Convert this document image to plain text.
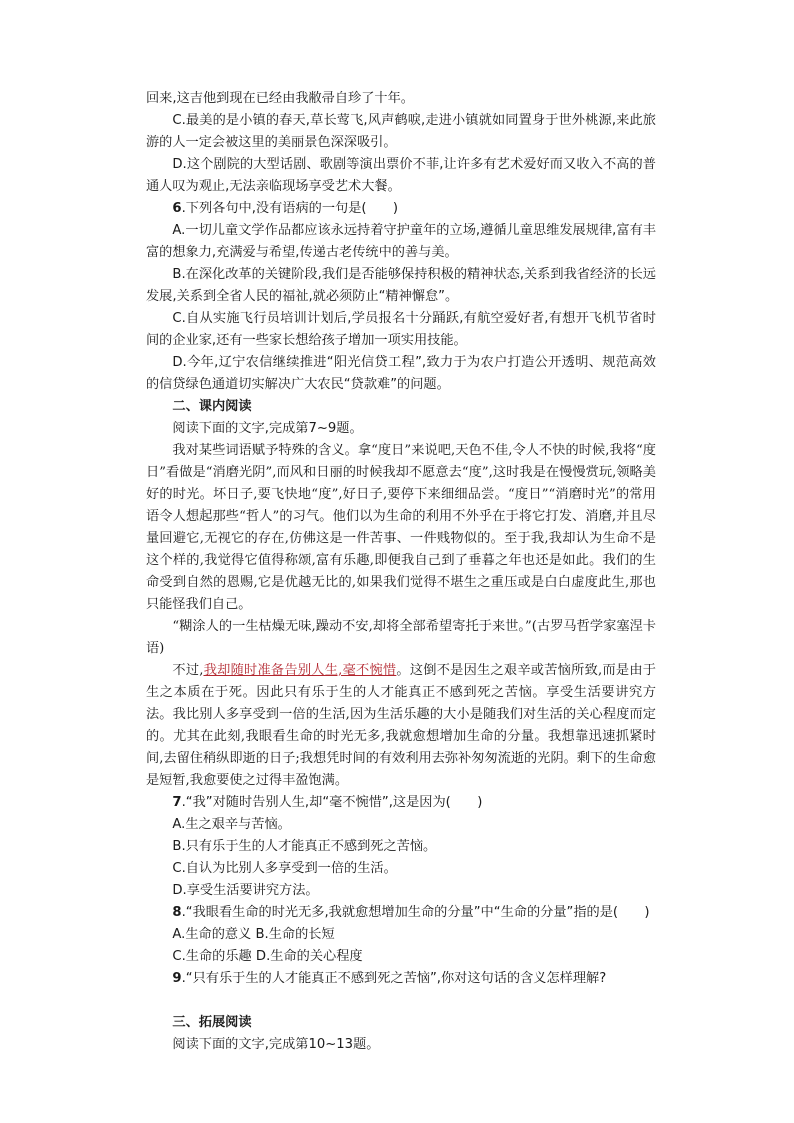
回来,这吉他到现在已经由我敝帚自珍了十年。

C.最美的是小镇的春天,草长莺飞,风声鹤唳,走进小镇就如同置身于世外桃源,来此旅游的人一定会被这里的美丽景色深深吸引。

D.这个剧院的大型话剧、歌剧等演出票价不菲,让许多有艺术爱好而又收入不高的普通人叹为观止,无法亲临现场享受艺术大餐。

6.下列各句中,没有语病的一句是(　　)

A.一切儿童文学作品都应该永远持着守护童年的立场,遵循儿童思维发展规律,富有丰富的想象力,充满爱与希望,传递古老传统中的善与美。

B.在深化改革的关键阶段,我们是否能够保持积极的精神状态,关系到我省经济的长远发展,关系到全省人民的福祉,就必须防止“精神懈怠”。

C.自从实施飞行员培训计划后,学员报名十分踊跃,有航空爱好者,有想开飞机节省时间的企业家,还有一些家长想给孩子增加一项实用技能。

D.今年,辽宁农信继续推进“阳光信贷工程”,致力于为农户打造公开透明、规范高效的信贷绿色通道切实解决广大农民“贷款难”的问题。

二、课内阅读

阅读下面的文字,完成第7~9题。

我对某些词语赋予特殊的含义。拿“度日”来说吧,天色不佳,令人不快的时候,我将“度日”看做是“消磨光阴”,而风和日丽的时候我却不愿意去“度”,这时我是在慢慢赏玩,领略美好的时光。坏日子,要飞快地“度”,好日子,要停下来细细品尝。“度日”“消磨时光”的常用语令人想起那些“哲人”的习气。他们以为生命的利用不外乎在于将它打发、消磨,并且尽量回避它,无视它的存在,仿佛这是一件苦事、一件贱物似的。至于我,我却认为生命不是这个样的,我觉得它值得称颂,富有乐趣,即便我自己到了垂暮之年也还是如此。我们的生命受到自然的恩赐,它是优越无比的,如果我们觉得不堪生之重压或是白白虚度此生,那也只能怪我们自己。

“糊涂人的一生枯燥无味,躁动不安,却将全部希望寄托于来世。”(古罗马哲学家塞涅卡语)

不过,我却随时准备告别人生,毫不惋惜。这倒不是因生之艰辛或苦恼所致,而是由于生之本质在于死。因此只有乐于生的人才能真正不感到死之苦恼。享受生活要讲究方法。我比别人多享受到一倍的生活,因为生活乐趣的大小是随我们对生活的关心程度而定的。尤其在此刻,我眼看生命的时光无多,我就愈想增加生命的分量。我想靠迅速抓紧时间,去留住稍纵即逝的日子;我想凭时间的有效利用去弥补匆匆流逝的光阴。剩下的生命愈是短暂,我愈要使之过得丰盈饱满。

7.“我”对随时告别人生,却“毫不惋惜”,这是因为(　　)

A.生之艰辛与苦恼。

B.只有乐于生的人才能真正不感到死之苦恼。

C.自认为比别人多享受到一倍的生活。

D.享受生活要讲究方法。

8.“我眼看生命的时光无多,我就愈想增加生命的分量”中“生命的分量”指的是(　　)

A.生命的意义 B.生命的长短

C.生命的乐趣 D.生命的关心程度

9.“只有乐于生的人才能真正不感到死之苦恼”,你对这句话的含义怎样理解?

三、拓展阅读

阅读下面的文字,完成第10~13题。
